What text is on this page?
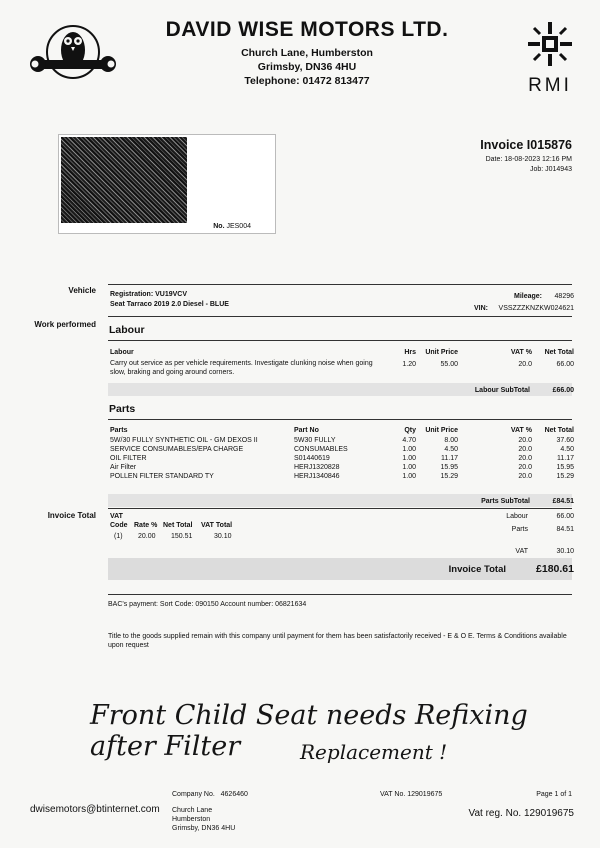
DAVID WISE MOTORS LTD.
Church Lane, Humberston
Grimsby, DN36 4HU
Telephone: 01472 813477	RMI
No. JES004
Invoice I015876
Date: 18-08-2023 12:16 PM
Job: J014943
Vehicle Registration: VU19VCV
Seat Tarraco 2019 2.0 Diesel - BLUE
Mileage:	48296
VIN:	VSSZZZKNZKW024621
Work performed Labour
Labour	Hrs	Unit Price	VAT %	Net Total
Carry out service as per vehicle requirements. Investigate clunking noise when going
slow, braking and going around corners.
1.20	55.00	20.0	66.00
Labour SubTotal	£66.00
Parts
Parts	Part No	Qty	Unit Price	VAT %	Net Total
5W/30 FULLY SYNTHETIC OIL - GM DEXOS II	5W30 FULLY	4.70	8.00	20.0	37.60
SERVICE CONSUMABLES/EPA CHARGE	CONSUMABLES	1.00	4.50	20.0	4.50
OIL FILTER	S01440619	1.00	11.17	20.0	11.17
Air Filter	HERJ1320828	1.00	15.95	20.0	15.95
POLLEN FILTER STANDARD TY	HERJ1340846	1.00	15.29	20.0	15.29
Parts SubTotal	£84.51
Invoice Total VAT
Code Rate % Net Total VAT Total
(1) 20.00 150.51	30.10
Labour	66.00
Parts	84.51
VAT	30.10
Invoice Total	£180.61
BAC's payment: Sort Code: 090150 Account number: 06821634
Title to the goods supplied remain with this company until payment for them has been satisfactorily received - E & O E. Terms & Conditions available
upon request
Front Child Seat needs Refixing after Filter	Replacement !
Company No. 4626460
Church Lane
Humberston
Grimsby, DN36 4HU
VAT No. 129019675	Page 1 of 1
dwisemotors@btinternet.com	Vat reg. No. 129019675
